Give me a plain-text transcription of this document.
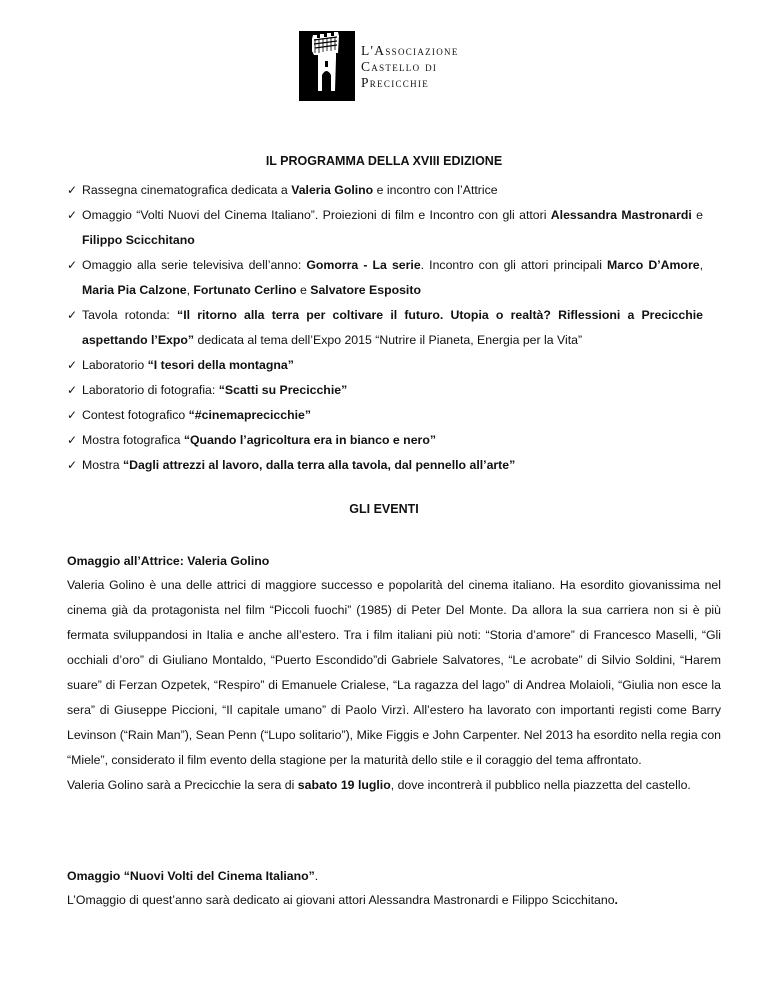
L'Associazione
Castello di
Precicchie
IL PROGRAMMA DELLA XVIII EDIZIONE
✓ Rassegna cinematografica dedicata a Valeria Golino e incontro con l’Attrice
✓ Omaggio “Volti Nuovi del Cinema Italiano”. Proiezioni di film e Incontro con gli attori Alessandra Mastronardi e Filippo Scicchitano
✓ Omaggio alla serie televisiva dell’anno: Gomorra - La serie. Incontro con gli attori principali Marco D’Amore, Maria Pia Calzone, Fortunato Cerlino e Salvatore Esposito
✓ Tavola rotonda: “Il ritorno alla terra per coltivare il futuro. Utopia o realtà? Riflessioni a Precicchie aspettando l’Expo” dedicata al tema dell’Expo 2015 “Nutrire il Pianeta, Energia per la Vita”
✓ Laboratorio “I tesori della montagna”
✓ Laboratorio di fotografia: “Scatti su Precicchie”
✓ Contest fotografico “#cinemaprecicchie”
✓ Mostra fotografica “Quando l’agricoltura era in bianco e nero”
✓ Mostra “Dagli attrezzi al lavoro, dalla terra alla tavola, dal pennello all’arte”
GLI EVENTI
Omaggio all’Attrice: Valeria Golino

Valeria Golino è una delle attrici di maggiore successo e popolarità del cinema italiano. Ha esordito giovanissima nel cinema già da protagonista nel film “Piccoli fuochi” (1985) di Peter Del Monte. Da allora la sua carriera non si è più fermata sviluppandosi in Italia e anche all’estero. Tra i film italiani più noti: “Storia d’amore” di Francesco Maselli, “Gli occhiali d’oro” di Giuliano Montaldo, “Puerto Escondido”di Gabriele Salvatores, “Le acrobate” di Silvio Soldini, “Harem suare” di Ferzan Ozpetek, “Respiro” di Emanuele Crialese, “La ragazza del lago” di Andrea Molaioli, “Giulia non esce la sera” di Giuseppe Piccioni, “Il capitale umano” di Paolo Virzì. All’estero ha lavorato con importanti registi come Barry Levinson (“Rain Man”), Sean Penn (“Lupo solitario”), Mike Figgis e John Carpenter. Nel 2013 ha esordito nella regia con “Miele”, considerato il film evento della stagione per la maturità dello stile e il coraggio del tema affrontato.

Valeria Golino sarà a Precicchie la sera di sabato 19 luglio, dove incontrerà il pubblico nella piazzetta del castello.

Omaggio “Nuovi Volti del Cinema Italiano”.

L’Omaggio di quest’anno sarà dedicato ai giovani attori Alessandra Mastronardi e Filippo Scicchitano.
